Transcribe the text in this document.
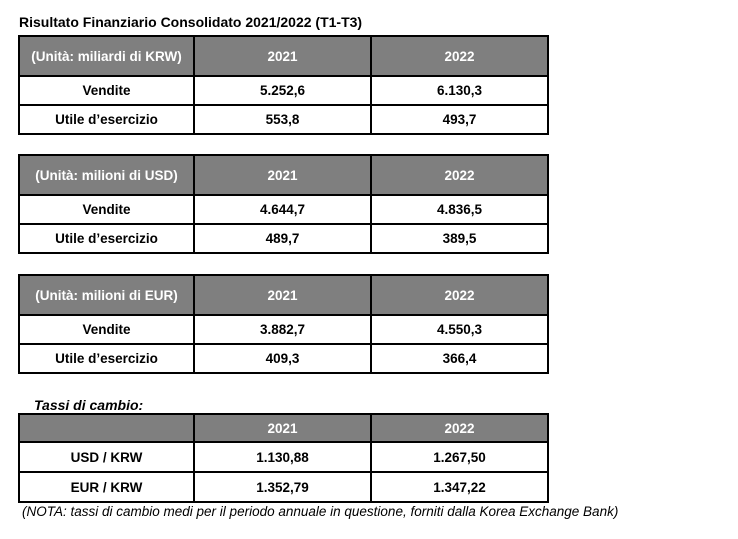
Risultato Finanziario Consolidato 2021/2022 (T1-T3)
(Unità: miliardi di KRW)	2021	2022
Vendite	5.252,6	6.130,3
Utile d’esercizio	553,8	493,7
(Unità: milioni di USD)	2021	2022
Vendite	4.644,7	4.836,5
Utile d’esercizio	489,7	389,5
(Unità: milioni di EUR)	2021	2022
Vendite	3.882,7	4.550,3
Utile d’esercizio	409,3	366,4
Tassi di cambio:
	2021	2022
USD / KRW	1.130,88	1.267,50
EUR / KRW	1.352,79	1.347,22
(NOTA: tassi di cambio medi per il periodo annuale in questione, forniti dalla Korea Exchange Bank)
